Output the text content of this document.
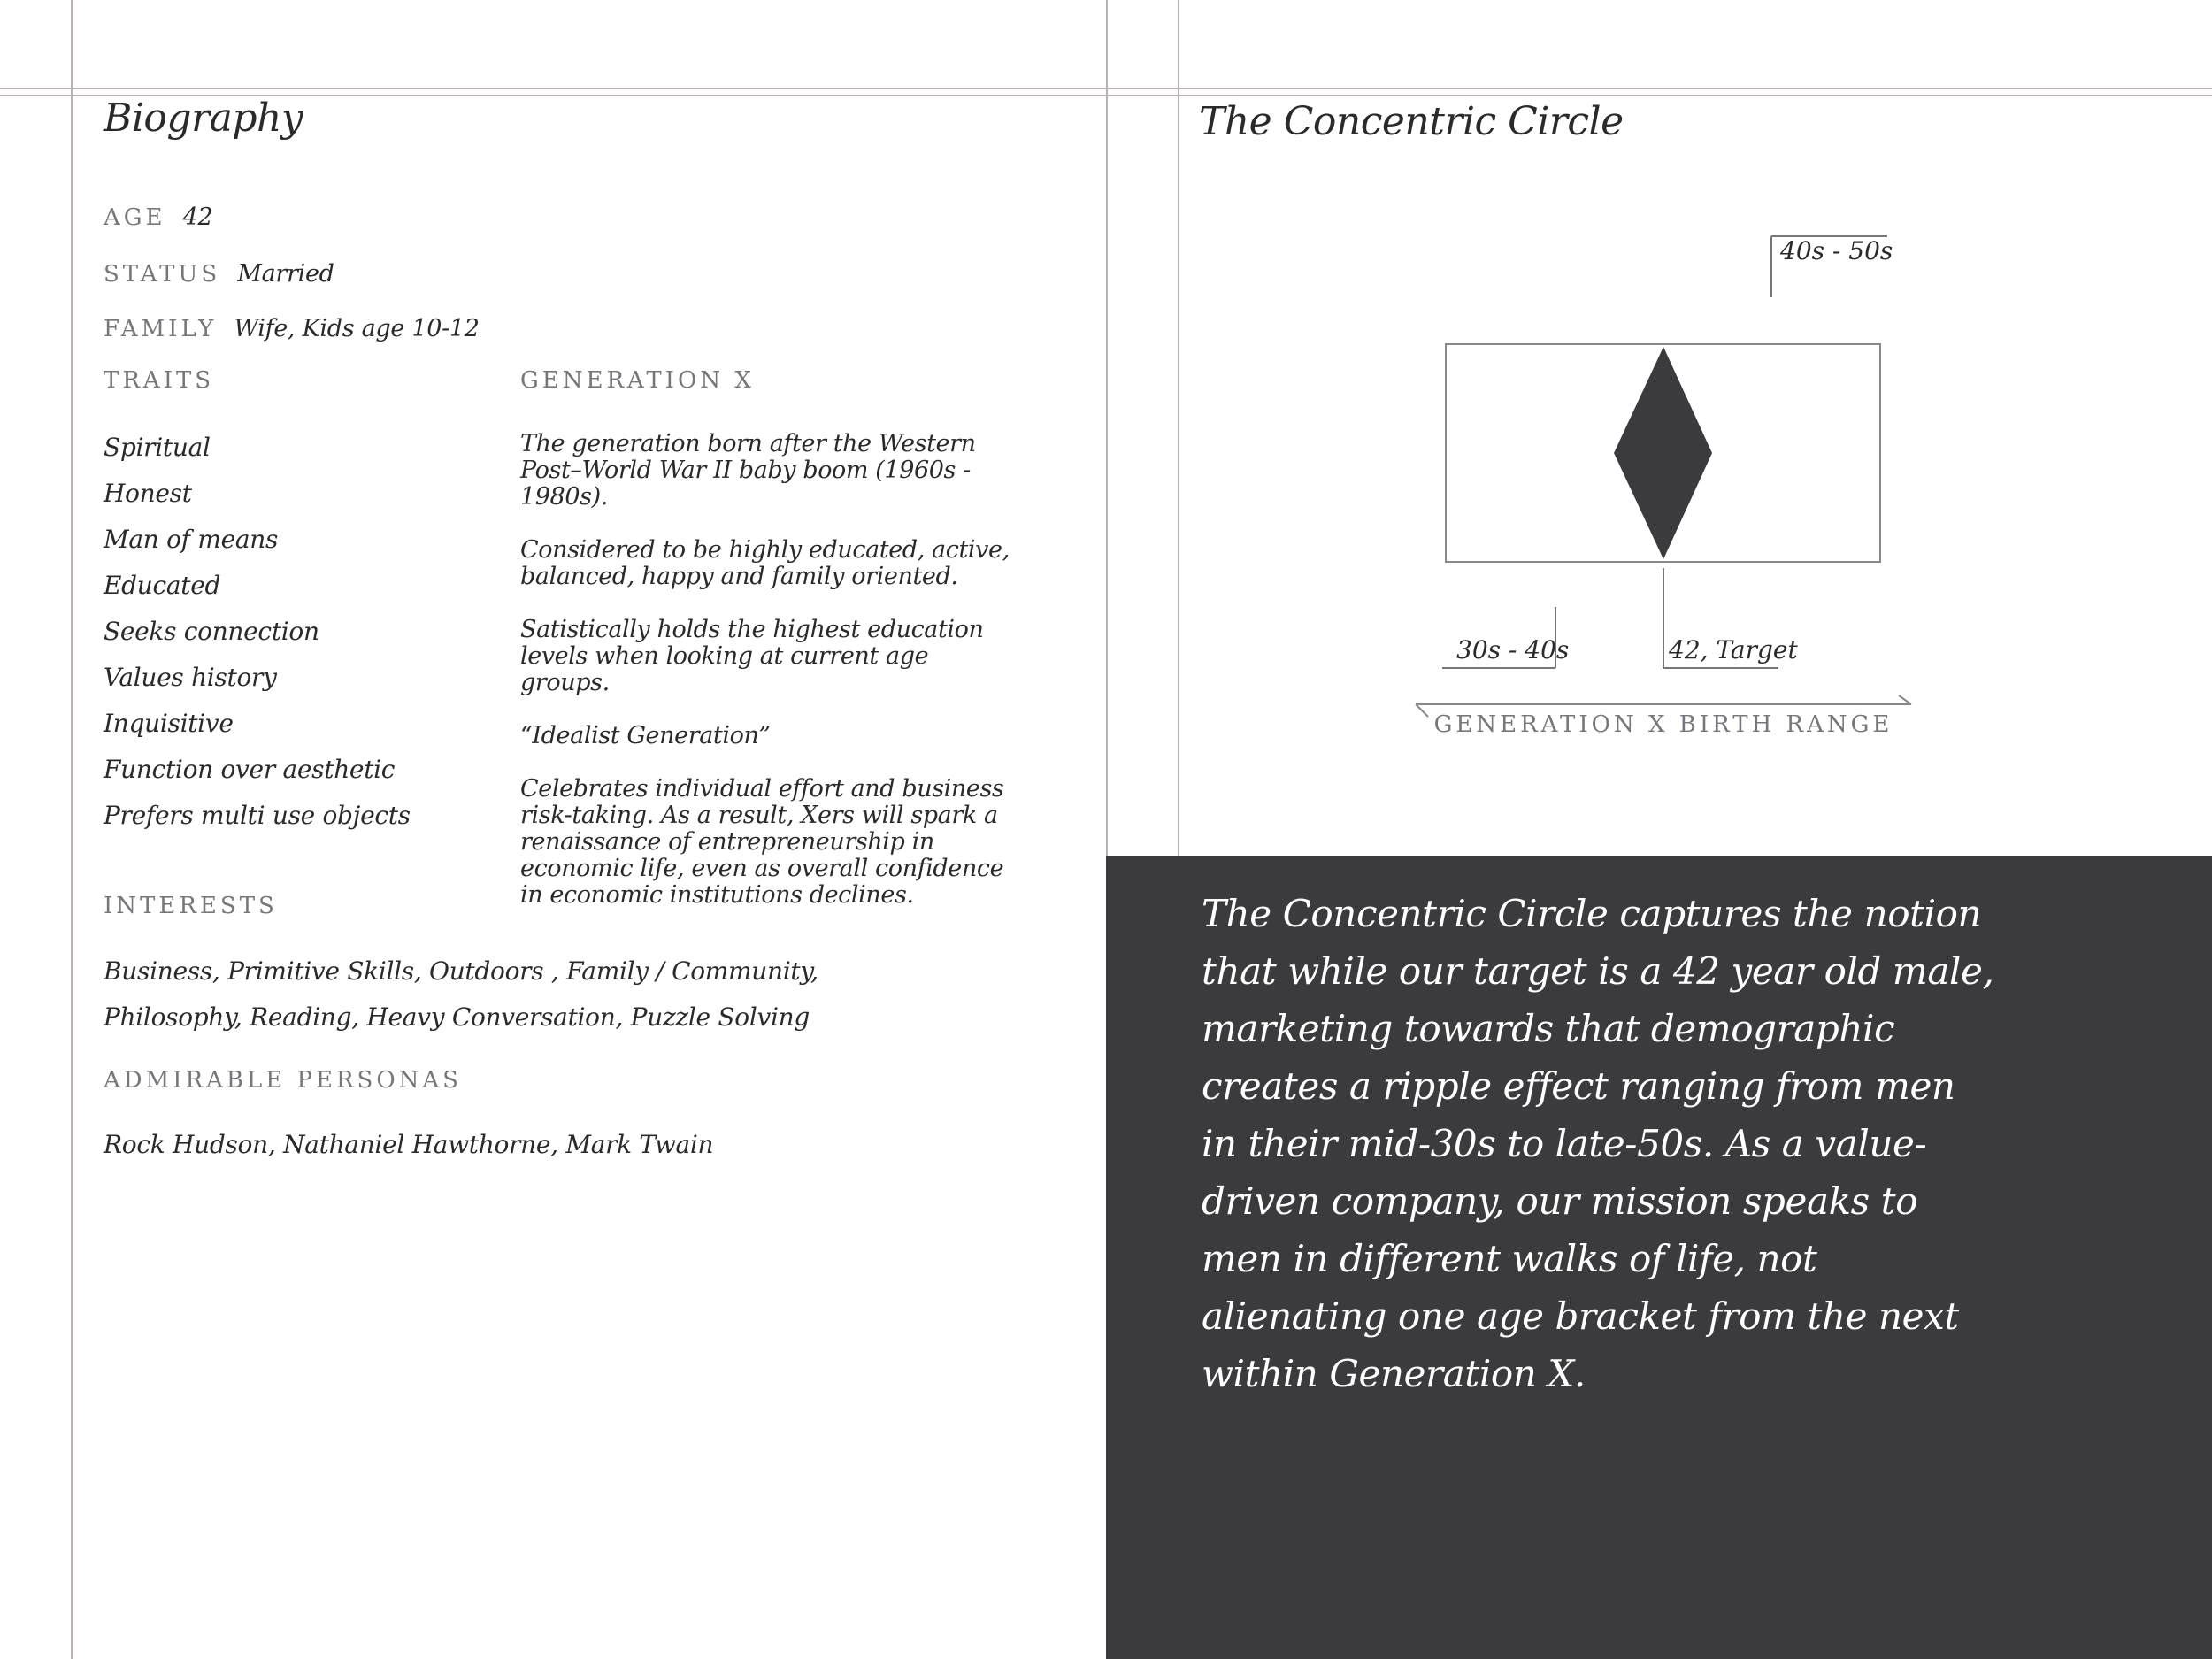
Biography
AGE 42
STATUS Married
FAMILY Wife, Kids age 10-12
TRAITS
Spiritual
Honest
Man of means
Educated
Seeks connection
Values history
Inquisitive
Function over aesthetic
Prefers multi use objects
GENERATION X

The generation born after the Western Post–World War II baby boom (1960s - 1980s).

Considered to be highly educated, active, balanced, happy and family oriented.

Satistically holds the highest education levels when looking at current age groups.

“Idealist Generation”

Celebrates individual effort and business risk-taking. As a result, Xers will spark a renaissance of entrepreneurship in economic life, even as overall confidence in economic institutions declines.

INTERESTS
Business, Primitive Skills, Outdoors , Family / Community,
Philosophy, Reading, Heavy Conversation, Puzzle Solving
ADMIRABLE PERSONAS
Rock Hudson, Nathaniel Hawthorne, Mark Twain
The Concentric Circle
40s - 50s
42, Target
30s - 40s
GENERATION X BIRTH RANGE
The Concentric Circle captures the notion that while our target is a 42 year old male, marketing towards that demographic creates a ripple effect ranging from men in their mid-30s to late-50s. As a value-driven company, our mission speaks to men in different walks of life, not alienating one age bracket from the next within Generation X.
